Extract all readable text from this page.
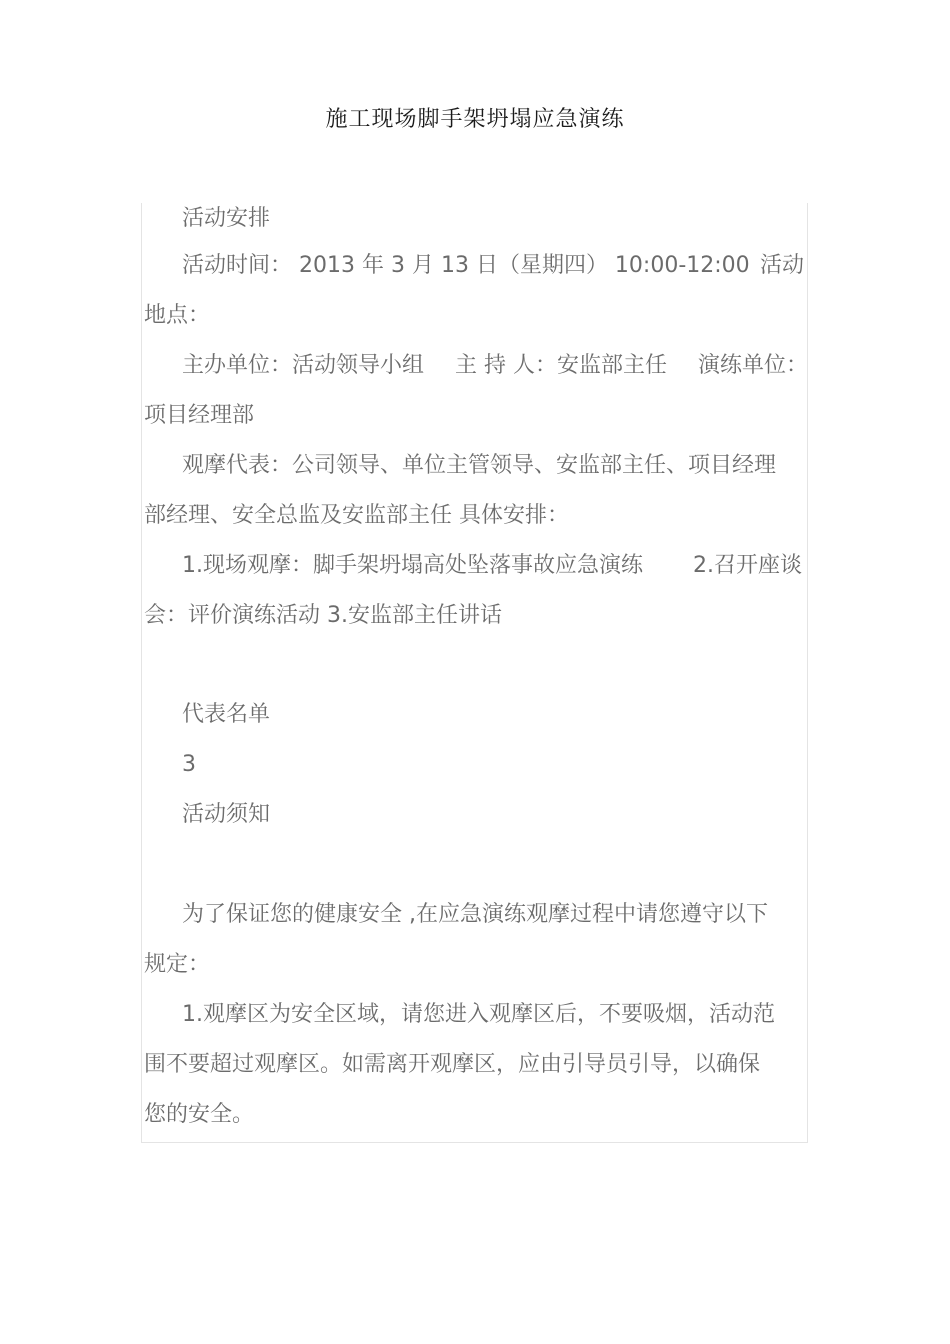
施工现场脚手架坍塌应急演练
活动安排
活动时间： 2013 年 3 月 13 日（星期四） 10:00-12:00 活动
地点：
主办单位：活动领导小组 主 持 人：安监部主任 演练单位：
项目经理部
观摩代表：公司领导、单位主管领导、安监部主任、项目经理
部经理、安全总监及安监部主任 具体安排：
1.现场观摩：脚手架坍塌高处坠落事故应急演练 2.召开座谈
会：评价演练活动 3.安监部主任讲话
代表名单
3
活动须知
为了保证您的健康安全 ,在应急演练观摩过程中请您遵守以下
规定：
1.观摩区为安全区域，请您进入观摩区后，不要吸烟，活动范
围不要超过观摩区。如需离开观摩区，应由引导员引导，以确保
您的安全。
